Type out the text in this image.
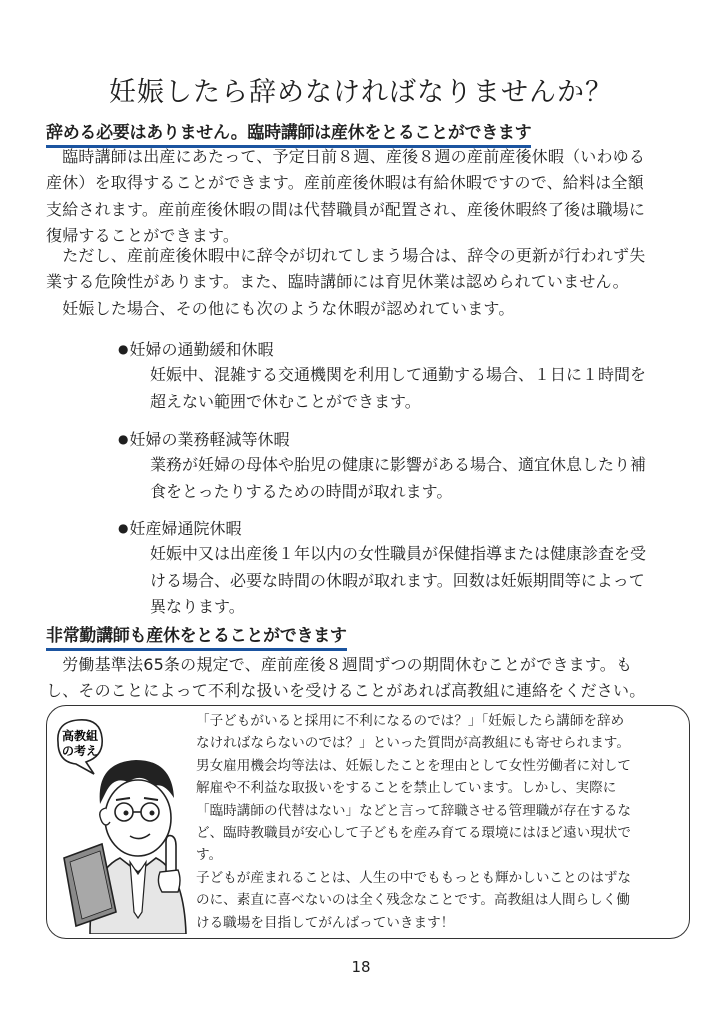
妊娠したら辞めなければなりませんか？
辞める必要はありません。臨時講師は産休をとることができます

　臨時講師は出産にあたって、予定日前８週、産後８週の産前産後休暇（いわゆる
産休）を取得することができます。産前産後休暇は有給休暇ですので、給料は全額
支給されます。産前産後休暇の間は代替職員が配置され、産後休暇終了後は職場に
復帰することができます。

　ただし、産前産後休暇中に辞令が切れてしまう場合は、辞令の更新が行われず失
業する危険性があります。また、臨時講師には育児休業は認められていません。

　妊娠した場合、その他にも次のような休暇が認めれています。

●妊婦の通勤緩和休暇

妊娠中、混雑する交通機関を利用して通勤する場合、１日に１時間を
超えない範囲で休むことができます。

●妊婦の業務軽減等休暇

業務が妊婦の母体や胎児の健康に影響がある場合、適宜休息したり補
食をとったりするための時間が取れます。

●妊産婦通院休暇

妊娠中又は出産後１年以内の女性職員が保健指導または健康診査を受
ける場合、必要な時間の休暇が取れます。回数は妊娠期間等によって
異なります。

非常勤講師も産休をとることができます

　労働基準法65条の規定で、産前産後８週間ずつの期間休むことができます。も
し、そのことによって不利な扱いを受けることがあれば高教組に連絡をください。

高教組
の考え

「子どもがいると採用に不利になるのでは？」「妊娠したら講師を辞め
なければならないのでは？」といった質問が高教組にも寄せられます。
男女雇用機会均等法は、妊娠したことを理由として女性労働者に対して
解雇や不利益な取扱いをすることを禁止しています。しかし、実際に
「臨時講師の代替はない」などと言って辞職させる管理職が存在するな
ど、臨時教職員が安心して子どもを産み育てる環境にはほど遠い現状で
す。
子どもが産まれることは、人生の中でももっとも輝かしいことのはずな
のに、素直に喜べないのは全く残念なことです。高教組は人間らしく働
ける職場を目指してがんばっていきます！

18
